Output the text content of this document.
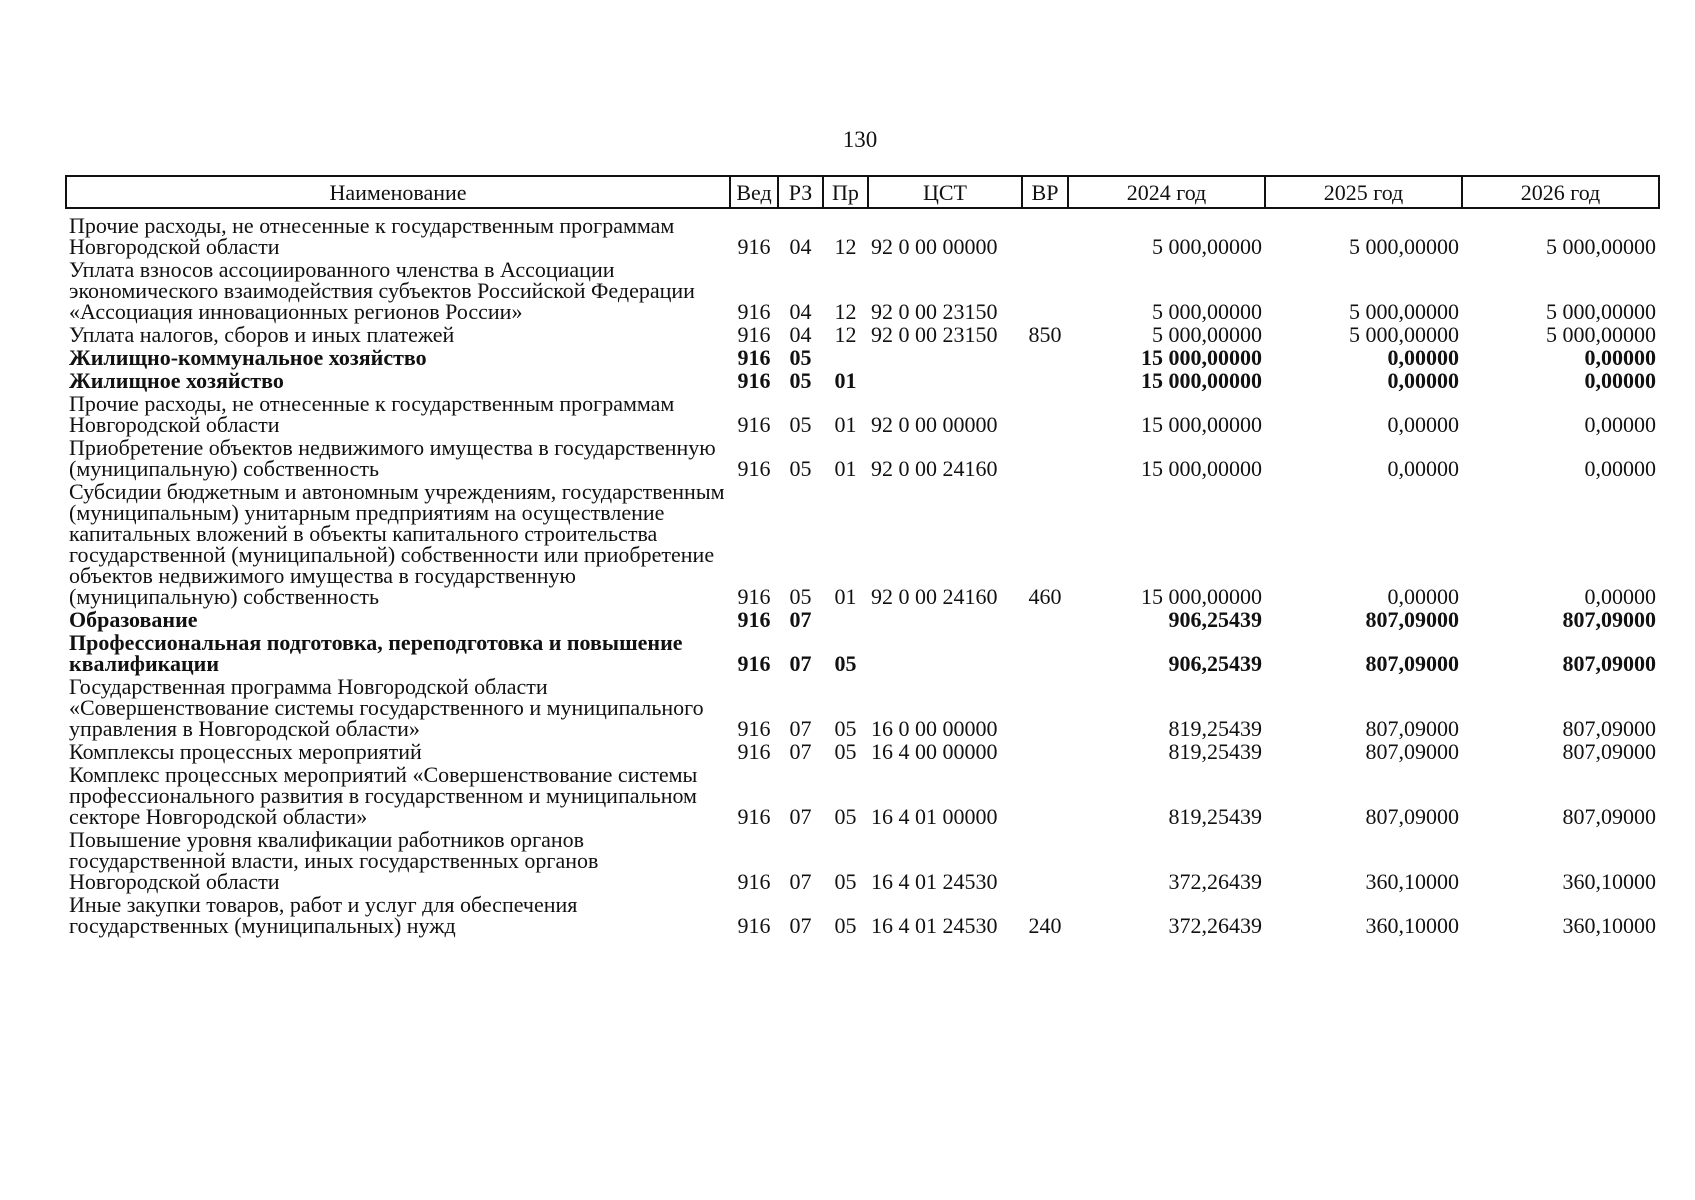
130
Наименование	Вед	РЗ	Пр	ЦСТ	ВР	2024 год	2025 год	2026 год
Прочие расходы, не отнесенные к государственным программам Новгородской области	916	04	12	92 0 00 00000		5 000,00000	5 000,00000	5 000,00000
Уплата взносов ассоциированного членства в Ассоциации экономического взаимодействия субъектов Российской Федерации «Ассоциация инновационных регионов России»	916	04	12	92 0 00 23150		5 000,00000	5 000,00000	5 000,00000
Уплата налогов, сборов и иных платежей	916	04	12	92 0 00 23150	850	5 000,00000	5 000,00000	5 000,00000
Жилищно-коммунальное хозяйство	916	05				15 000,00000	0,00000	0,00000
Жилищное хозяйство	916	05	01			15 000,00000	0,00000	0,00000
Прочие расходы, не отнесенные к государственным программам Новгородской области	916	05	01	92 0 00 00000		15 000,00000	0,00000	0,00000
Приобретение объектов недвижимого имущества в государственную (муниципальную) собственность	916	05	01	92 0 00 24160		15 000,00000	0,00000	0,00000
Субсидии бюджетным и автономным учреждениям, государственным (муниципальным) унитарным предприятиям на осуществление капитальных вложений в объекты капитального строительства государственной (муниципальной) собственности или приобретение объектов недвижимого имущества в государственную (муниципальную) собственность	916	05	01	92 0 00 24160	460	15 000,00000	0,00000	0,00000
Образование	916	07				906,25439	807,09000	807,09000
Профессиональная подготовка, переподготовка и повышение квалификации	916	07	05			906,25439	807,09000	807,09000
Государственная программа Новгородской области «Совершенствование системы государственного и муниципального управления в Новгородской области»	916	07	05	16 0 00 00000		819,25439	807,09000	807,09000
Комплексы процессных мероприятий	916	07	05	16 4 00 00000		819,25439	807,09000	807,09000
Комплекс процессных мероприятий «Совершенствование системы профессионального развития в государственном и муниципальном секторе Новгородской области»	916	07	05	16 4 01 00000		819,25439	807,09000	807,09000
Повышение уровня квалификации работников органов государственной власти, иных государственных органов Новгородской области	916	07	05	16 4 01 24530		372,26439	360,10000	360,10000
Иные закупки товаров, работ и услуг для обеспечения государственных (муниципальных) нужд	916	07	05	16 4 01 24530	240	372,26439	360,10000	360,10000
